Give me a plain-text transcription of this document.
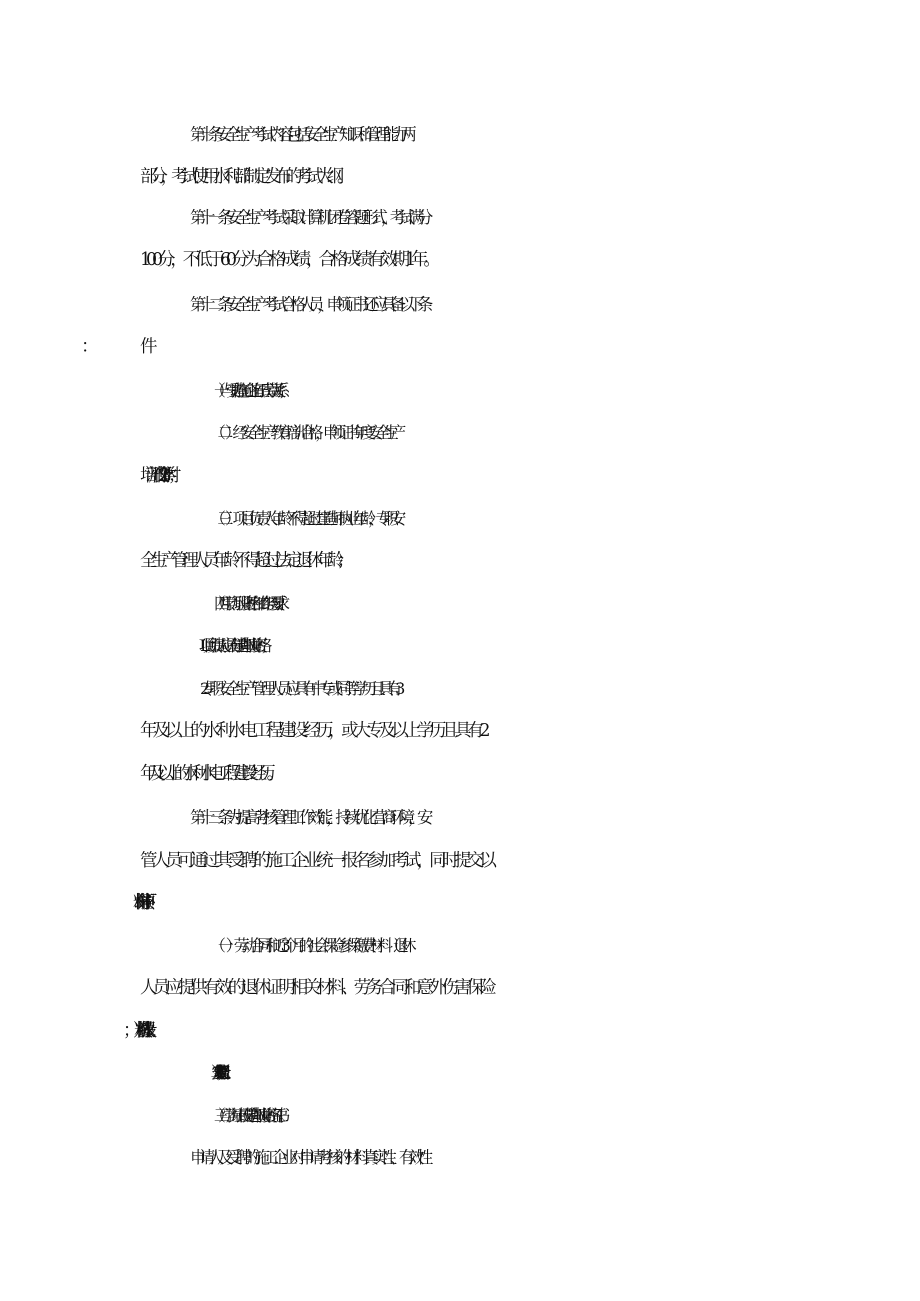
第十条安全生产考试内容包括安全生产知识和管理能力两
部分，考试使用水利部制定发布的考试大纲。
第十一条安全生产考试采取计算机闭卷答题形式，考试满分
100分，不低于60分为合格成绩，合格成绩有效期1年。
第十二条安全生产考试合格人员，申领证书还应具备以下条
（一）与受聘施工企业有正式劳动关系；
（二）经安全生产教育培训合格，申领证书年度安全生产
培训不少于32个学时；
（三）项目负责人年龄不得超过建造师执业年龄，专职安
全生产管理人员年龄不得超过法定退休年龄；
（四）学历、职业资格和工作经历要求：
L项目负责人应具有建造师执业资格；
2.专职安全生产管理人员应具有中专或同等学历且具有3
年及以上的水利水电工程建设经历，或大专及以上学历且具有2
年及以上的水利水电工程建设经历。
第十三条为提高考核管理工作效能，持续优化营商环境，安
管人员可通过其受聘的施工企业统一报名参加考试，同时提交以
（一）劳动合同和近3个月的社会保险参保缴费材料（退休
人员应提供有效的退休证明相关材料、劳务合同和意外伤害保险
（二）安全生产教育培训记录；
（三）学历证书或建造师执业资格证书。
申请人及受聘的施工企业对申请考核的材料真实性、有效性
